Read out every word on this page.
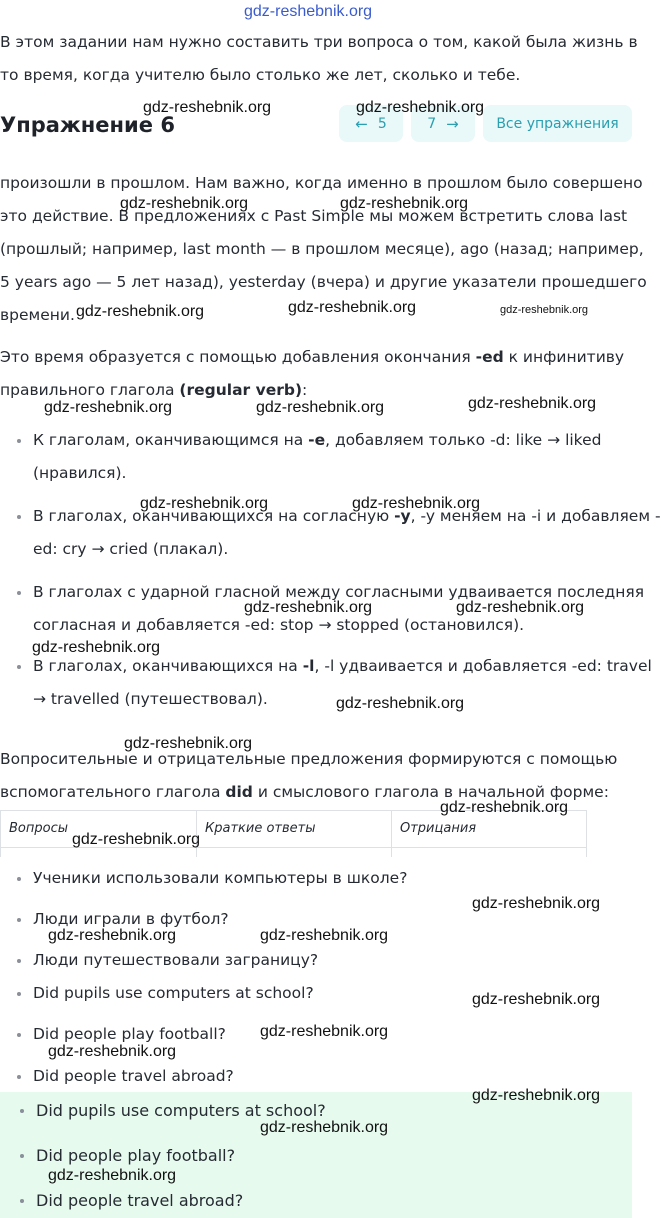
gdz-reshebnik.org
В этом задании нам нужно составить три вопроса о том, какой была жизнь в
то время, когда учителю было столько же лет, сколько и тебе.
Упражнение 6	← 5	7 →	Все упражнения
произошли в прошлом. Нам важно, когда именно в прошлом было совершено
это действие. В предложениях с Past Simple мы можем встретить слова last
(прошлый; например, last month — в прошлом месяце), ago (назад; например,
5 years ago — 5 лет назад), yesterday (вчера) и другие указатели прошедшего
времени.
Это время образуется с помощью добавления окончания -ed к инфинитиву
правильного глагола (regular verb):
К глаголам, оканчивающимся на -e, добавляем только -d: like → liked
(нравился).
В глаголах, оканчивающихся на согласную -y, -y меняем на -i и добавляем -
ed: cry → cried (плакал).
В глаголах с ударной гласной между согласными удваивается последняя
согласная и добавляется -ed: stop → stopped (остановился).
В глаголах, оканчивающихся на -l, -l удваивается и добавляется -ed: travel
→ travelled (путешествовал).
Вопросительные и отрицательные предложения формируются с помощью
вспомогательного глагола did и смыслового глагола в начальной форме:
Вопросы	Краткие ответы	Отрицания
Ученики использовали компьютеры в школе?
Люди играли в футбол?
Люди путешествовали заграницу?
Did pupils use computers at school?
Did people play football?
Did people travel abroad?
Did pupils use computers at school?
Did people play football?
Did people travel abroad?
gdz-reshebnik.org	gdz-reshebnik.org
gdz-reshebnik.org	gdz-reshebnik.org
gdz-reshebnik.org	gdz-reshebnik.org	gdz-reshebnik.org
gdz-reshebnik.org	gdz-reshebnik.org	gdz-reshebnik.org
gdz-reshebnik.org	gdz-reshebnik.org
gdz-reshebnik.org	gdz-reshebnik.org
gdz-reshebnik.org
gdz-reshebnik.org
gdz-reshebnik.org
gdz-reshebnik.org
gdz-reshebnik.org
gdz-reshebnik.org
gdz-reshebnik.org	gdz-reshebnik.org
gdz-reshebnik.org
gdz-reshebnik.org
gdz-reshebnik.org
gdz-reshebnik.org
gdz-reshebnik.org
gdz-reshebnik.org
